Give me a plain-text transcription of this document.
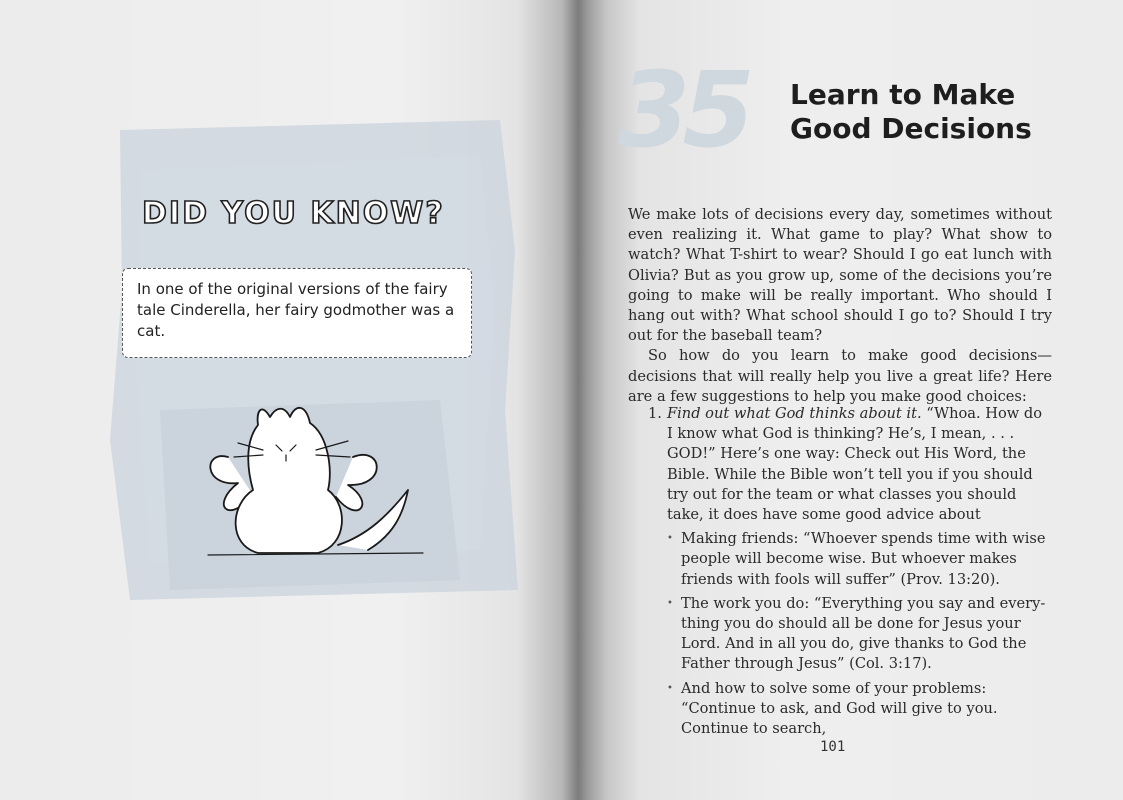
DID YOU KNOW?

In one of the original versions of the fairy tale Cinderella, her fairy godmother was a cat.

35	Learn to Make
Good Decisions

We make lots of decisions every day, sometimes without even realizing it. What game to play? What show to watch? What T-shirt to wear? Should I go eat lunch with Olivia? But as you grow up, some of the decisions you’re going to make will be really important. Who should I hang out with? What school should I go to? Should I try out for the baseball team?

So how do you learn to make good decisions—decisions that will really help you live a great life? Here are a few suggestions to help you make good choices:

1. Find out what God thinks about it. “Whoa. How do I know what God is thinking? He’s, I mean, . . . GOD!” Here’s one way: Check out His Word, the Bible. While the Bible won’t tell you if you should try out for the team or what classes you should take, it does have some good advice about
• Making friends: “Whoever spends time with wise people will become wise. But whoever makes friends with fools will suffer” (Prov. 13:20).
• The work you do: “Everything you say and every-thing you do should all be done for Jesus your Lord. And in all you do, give thanks to God the Father through Jesus” (Col. 3:17).
• And how to solve some of your problems: “Continue to ask, and God will give to you. Continue to search,

101
